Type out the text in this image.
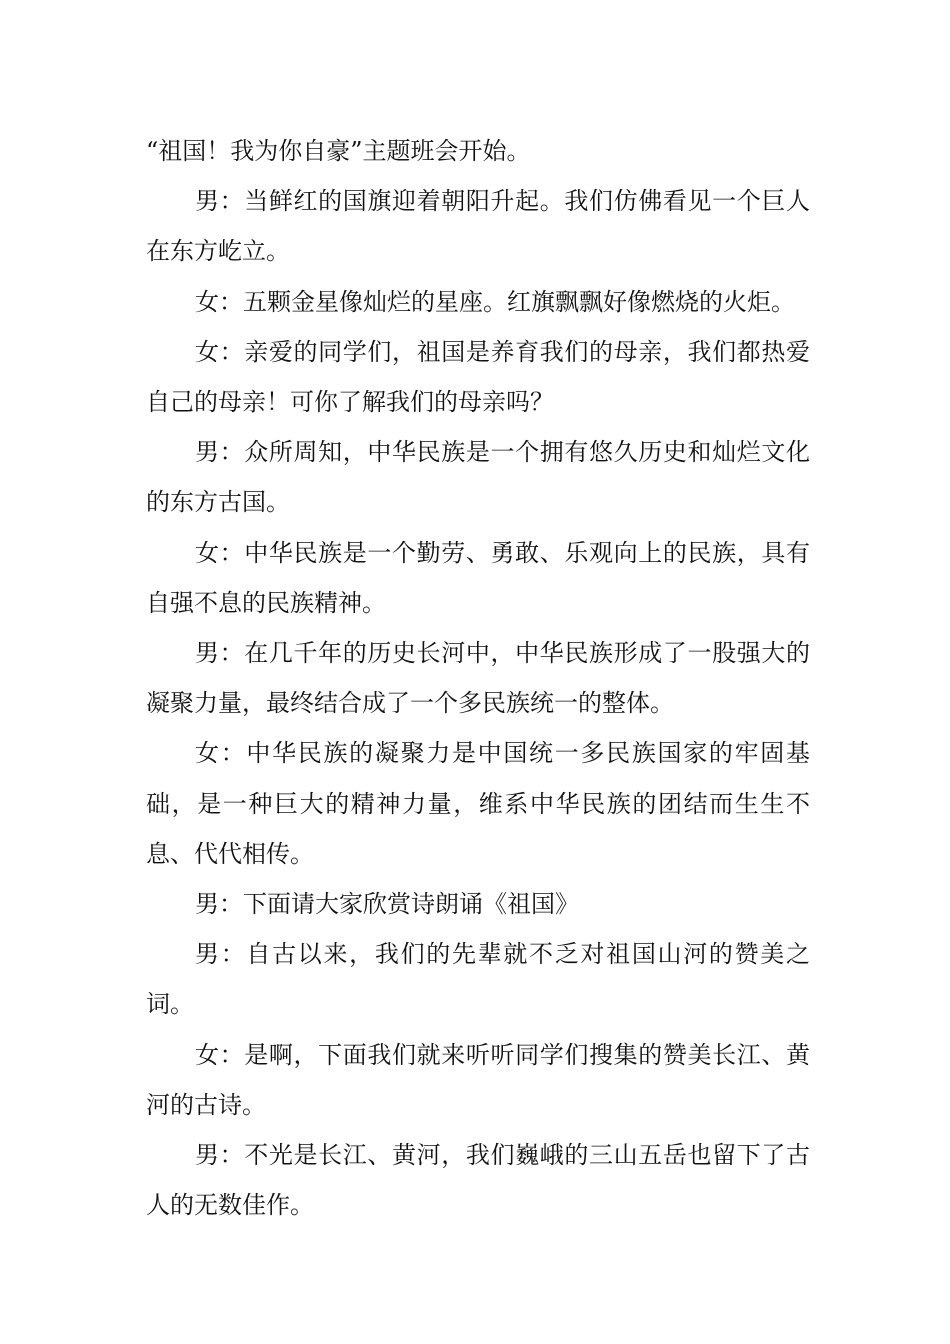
“祖国！我为你自豪”主题班会开始。

男：当鲜红的国旗迎着朝阳升起。我们仿佛看见一个巨人在东方屹立。

女：五颗金星像灿烂的星座。红旗飘飘好像燃烧的火炬。

女：亲爱的同学们，祖国是养育我们的母亲，我们都热爱自己的母亲！可你了解我们的母亲吗？

男：众所周知，中华民族是一个拥有悠久历史和灿烂文化的东方古国。

女：中华民族是一个勤劳、勇敢、乐观向上的民族，具有自强不息的民族精神。

男：在几千年的历史长河中，中华民族形成了一股强大的凝聚力量，最终结合成了一个多民族统一的整体。

女：中华民族的凝聚力是中国统一多民族国家的牢固基础，是一种巨大的精神力量，维系中华民族的团结而生生不息、代代相传。

男：下面请大家欣赏诗朗诵《祖国》

男：自古以来，我们的先辈就不乏对祖国山河的赞美之词。

女：是啊，下面我们就来听听同学们搜集的赞美长江、黄河的古诗。

男：不光是长江、黄河，我们巍峨的三山五岳也留下了古人的无数佳作。
